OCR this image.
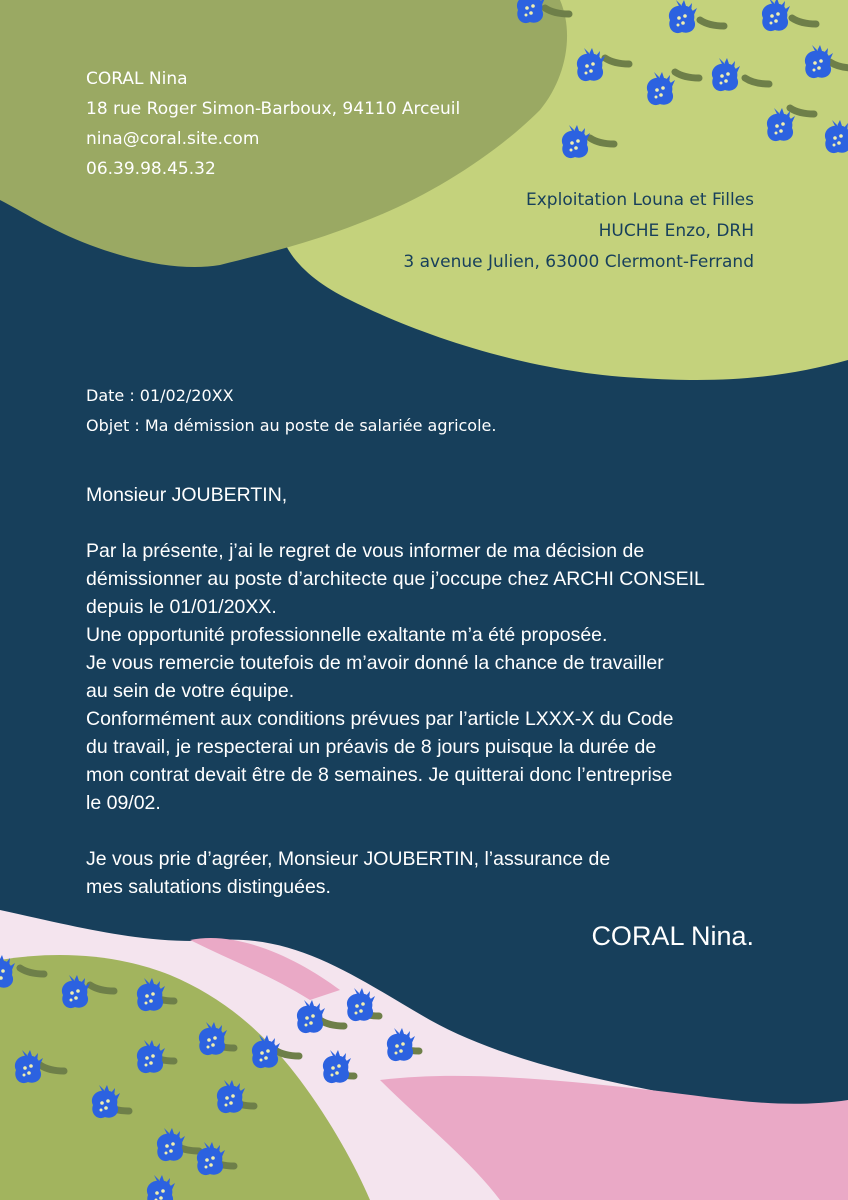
CORAL Nina
18 rue Roger Simon-Barboux, 94110 Arceuil
nina@coral.site.com
06.39.98.45.32
Exploitation Louna et Filles
HUCHE Enzo, DRH
3 avenue Julien, 63000 Clermont-Ferrand
Date : 01/02/20XX
Objet : Ma démission au poste de salariée agricole.

Monsieur JOUBERTIN,

Par la présente, j’ai le regret de vous informer de ma décision de

démissionner au poste d’architecte que j’occupe chez ARCHI CONSEIL

depuis le 01/01/20XX.

Une opportunité professionnelle exaltante m’a été proposée.

Je vous remercie toutefois de m’avoir donné la chance de travailler

au sein de votre équipe.

Conformément aux conditions prévues par l’article LXXX-X du Code

du travail, je respecterai un préavis de 8 jours puisque la durée de

mon contrat devait être de 8 semaines. Je quitterai donc l’entreprise

le 09/02.

Je vous prie d’agréer, Monsieur JOUBERTIN, l’assurance de

mes salutations distinguées.

CORAL Nina.
